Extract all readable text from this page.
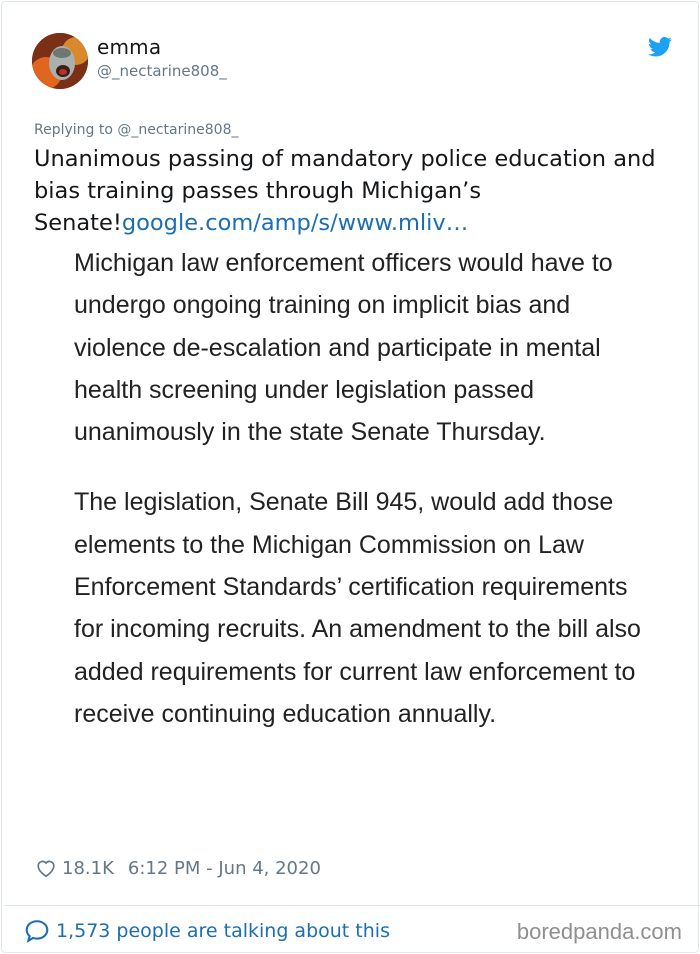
emma
@_nectarine808_
Replying to @_nectarine808_
Unanimous passing of mandatory police education and bias training passes through Michigan’s Senate!google.com/amp/s/www.mliv…

Michigan law enforcement officers would have to undergo ongoing training on implicit bias and violence de-escalation and participate in mental health screening under legislation passed unanimously in the state Senate Thursday.

The legislation, Senate Bill 945, would add those elements to the Michigan Commission on Law Enforcement Standards’ certification requirements for incoming recruits. An amendment to the bill also added requirements for current law enforcement to receive continuing education annually.

18.1K 6:12 PM - Jun 4, 2020
1,573 people are talking about this	boredpanda.com
